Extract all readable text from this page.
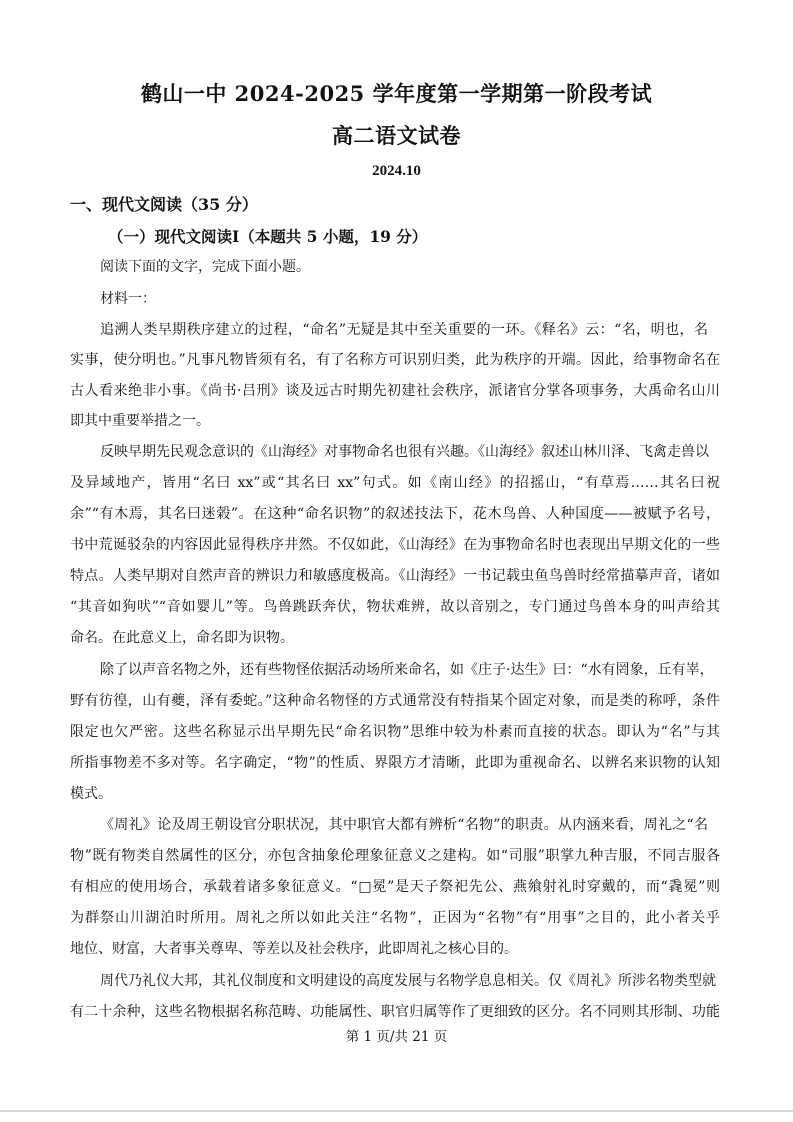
鹤山一中 2024-2025 学年度第一学期第一阶段考试
高二语文试卷
2024.10
一、现代文阅读（35 分）
（一）现代文阅读Ⅰ（本题共 5 小题，19 分）
阅读下面的文字，完成下面小题。
材料一：
追溯人类早期秩序建立的过程，“命名”无疑是其中至关重要的一环。《释名》云：“名，明也，名
实事，使分明也。”凡事凡物皆须有名，有了名称方可识别归类，此为秩序的开端。因此，给事物命名在
古人看来绝非小事。《尚书·吕刑》谈及远古时期先初建社会秩序，派诸官分掌各项事务，大禹命名山川
即其中重要举措之一。
反映早期先民观念意识的《山海经》对事物命名也很有兴趣。《山海经》叙述山林川泽、飞禽走兽以
及异域地产，皆用“名曰 xx”或“其名曰 xx”句式。如《南山经》的招摇山，“有草焉……其名曰祝
余”“有木焉，其名曰迷榖”。在这种“命名识物”的叙述技法下，花木鸟兽、人种国度——被赋予名号，
书中荒诞驳杂的内容因此显得秩序井然。不仅如此，《山海经》在为事物命名时也表现出早期文化的一些
特点。人类早期对自然声音的辨识力和敏感度极高。《山海经》一书记载虫鱼鸟兽时经常描摹声音，诸如
“其音如狗吠”“音如婴儿”等。鸟兽跳跃奔伏，物状难辨，故以音别之，专门通过鸟兽本身的叫声给其
命名。在此意义上，命名即为识物。
除了以声音名物之外，还有些物怪依据活动场所来命名，如《庄子·达生》曰：“水有罔象，丘有峷，
野有彷徨，山有夔，泽有委蛇。”这种命名物怪的方式通常没有特指某个固定对象，而是类的称呼，条件
限定也欠严密。这些名称显示出早期先民“命名识物”思维中较为朴素而直接的状态。即认为“名”与其
所指事物差不多对等。名字确定，“物”的性质、界限方才清晰，此即为重视命名、以辨名来识物的认知
模式。
《周礼》论及周王朝设官分职状况，其中职官大都有辨析“名物”的职责。从内涵来看，周礼之“名
物”既有物类自然属性的区分，亦包含抽象伦理象征意义之建构。如“司服”职掌九种吉服，不同吉服各
有相应的使用场合，承载着诸多象征意义。“□冕”是天子祭祀先公、燕飨射礼时穿戴的，而“毳冕”则
为群祭山川湖泊时所用。周礼之所以如此关注“名物”，正因为“名物”有“用事”之目的，此小者关乎
地位、财富，大者事关尊卑、等差以及社会秩序，此即周礼之核心目的。
周代乃礼仪大邦，其礼仪制度和文明建设的高度发展与名物学息息相关。仅《周礼》所涉名物类型就
有二十余种，这些名物根据名称范畴、功能属性、职官归属等作了更细致的区分。名不同则其形制、功能
第 1 页/共 21 页
